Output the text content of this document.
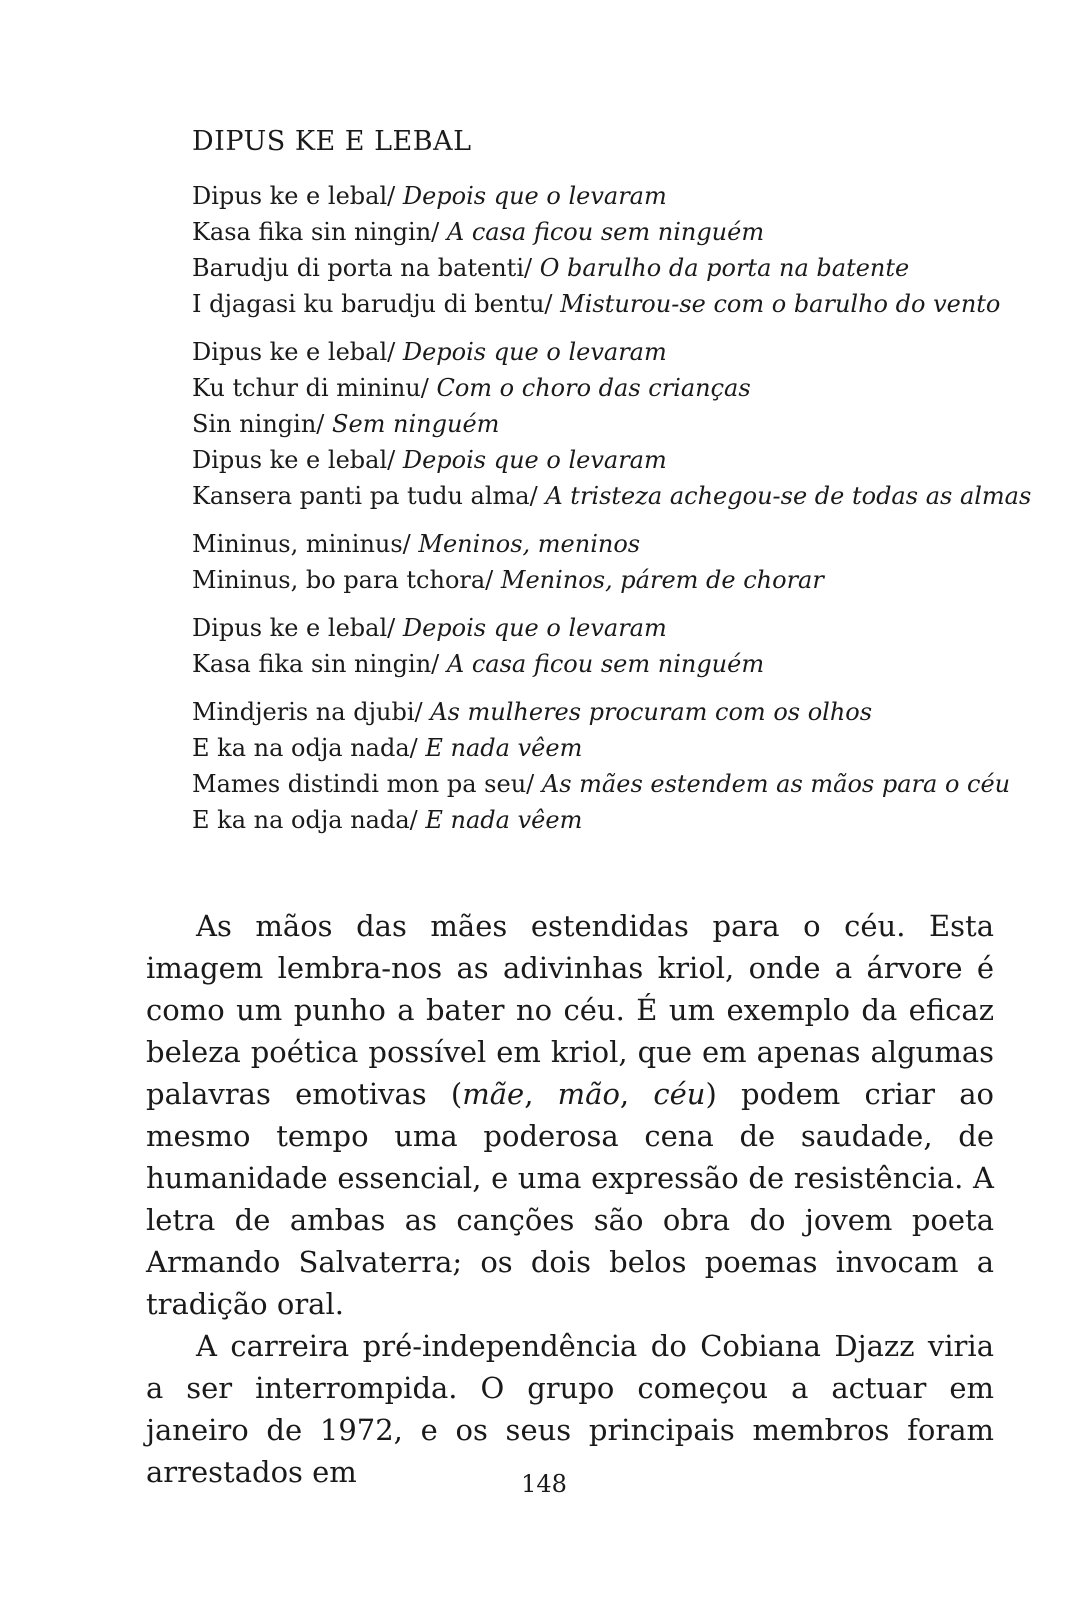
DIPUS KE E LEBAL
Dipus ke e lebal/ Depois que o levaram
Kasa fika sin ningin/ A casa ficou sem ninguém
Barudju di porta na batenti/ O barulho da porta na batente
I djagasi ku barudju di bentu/ Misturou-se com o barulho do vento
Dipus ke e lebal/ Depois que o levaram
Ku tchur di mininu/ Com o choro das crianças
Sin ningin/ Sem ninguém
Dipus ke e lebal/ Depois que o levaram
Kansera panti pa tudu alma/ A tristeza achegou-se de todas as almas
Mininus, mininus/ Meninos, meninos
Mininus, bo para tchora/ Meninos, párem de chorar
Dipus ke e lebal/ Depois que o levaram
Kasa fika sin ningin/ A casa ficou sem ninguém
Mindjeris na djubi/ As mulheres procuram com os olhos
E ka na odja nada/ E nada vêem
Mames distindi mon pa seu/ As mães estendem as mãos para o céu
E ka na odja nada/ E nada vêem

As mãos das mães estendidas para o céu. Esta imagem lembra-nos as adivinhas kriol, onde a árvore é como um punho a bater no céu. É um exemplo da eficaz beleza poética possível em kriol, que em apenas algumas palavras emotivas (mãe, mão, céu) podem criar ao mesmo tempo uma poderosa cena de saudade, de humanidade essencial, e uma expressão de resistência. A letra de ambas as canções são obra do jovem poeta Armando Salvaterra; os dois belos poemas invocam a tradição oral.

A carreira pré-independência do Cobiana Djazz viria a ser interrompida. O grupo começou a actuar em janeiro de 1972, e os seus principais membros foram arrestados em	148
